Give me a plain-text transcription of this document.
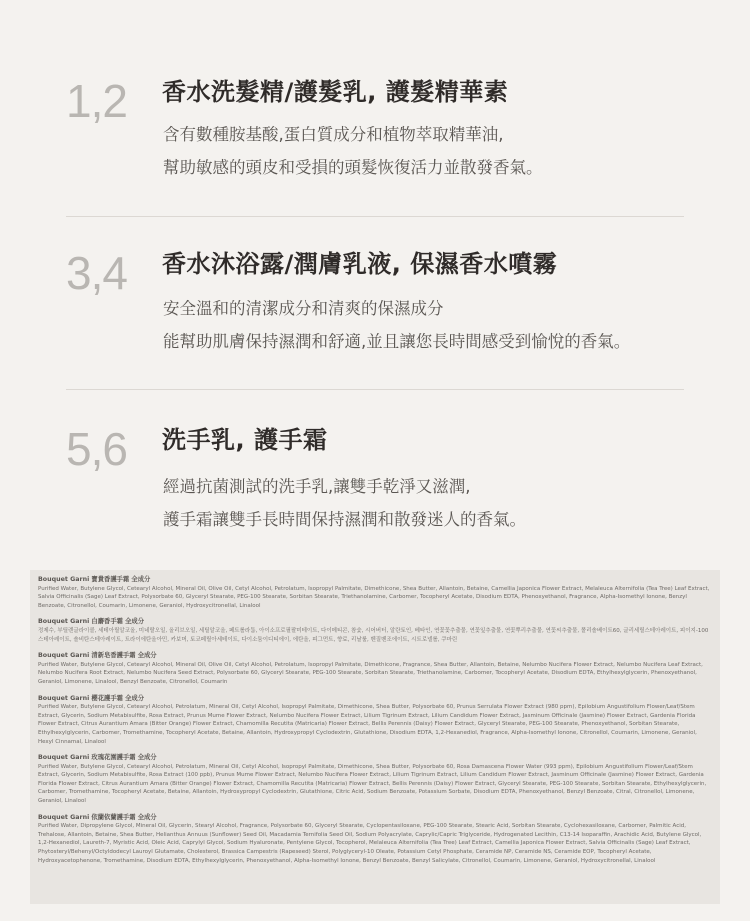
1,2 香水洗髮精/護髮乳, 護髮精華素
含有數種胺基酸,蛋白質成分和植物萃取精華油,
幫助敏感的頭皮和受損的頭髮恢復活力並散發香氣。
3,4 香水沐浴露/潤膚乳液, 保濕香水噴霧
安全溫和的清潔成分和清爽的保濕成分
能幫助肌膚保持濕潤和舒適,並且讓您長時間感受到愉悅的香氣。
5,6 洗手乳, 護手霜
經過抗菌測試的洗手乳,讓雙手乾淨又滋潤,
護手霜讓雙手長時間保持濕潤和散發迷人的香氣。
Bouquet Garni 寶貴香護手霜 全成分
Purified Water, Butylene Glycol, Cetearyl Alcohol, Mineral Oil, Olive Oil, Cetyl Alcohol, Petrolatum, Isopropyl Palmitate, Dimethicone, Shea Butter, Allantoin, Betaine, Camellia Japonica Flower Extract, Melaleuca Alternifolia (Tea Tree) Leaf Extract, Salvia Officinalis (Sage) Leaf Extract, Polysorbate 60, Glyceryl Stearate, PEG-100 Stearate, Sorbitan Stearate, Triethanolamine, Carbomer, Tocopheryl Acetate, Disodium EDTA, Phenoxyethanol, Fragrance, Alpha-Isomethyl Ionone, Benzyl Benzoate, Citronellol, Coumarin, Limonene, Geraniol, Hydroxycitronellal, Linalool
Bouquet Garni 白麝香手霜 全成分
정제수, 부틸렌글라이콜, 세테아릴알코올, 미네랄오일, 올리브오일, 세틸알코올, 페트롤라툼, 아이소프로필팔미테이트, 다이메티콘, 참숯, 시어버터, 알란토인, 베타인, 연꽃꽃추출물, 연꽃잎추출물, 연꽃뿌리추출물, 연꽃씨추출물, 폴리솔베이트60, 글리세릴스테아레이트, 피이지-100스테아레이트, 솔비탄스테아레이트, 트라이에탄올아민, 카보머, 토코페릴아세테이트, 다이소듐이디티에이, 에탄올, 피그먼트, 향료, 리날룰, 벤질벤조에이트, 시트로넬롤, 쿠마린
Bouquet Garni 清新皂香護手霜 全成分
Purified Water, Butylene Glycol, Cetearyl Alcohol, Mineral Oil, Olive Oil, Cetyl Alcohol, Petrolatum, Isopropyl Palmitate, Dimethicone, Fragrance, Shea Butter, Allantoin, Betaine, Nelumbo Nucifera Flower Extract, Nelumbo Nucifera Leaf Extract, Nelumbo Nucifera Root Extract, Nelumbo Nucifera Seed Extract, Polysorbate 60, Glyceryl Stearate, PEG-100 Stearate, Sorbitan Stearate, Triethanolamine, Carbomer, Tocopheryl Acetate, Disodium EDTA, Ethylhexylglycerin, Phenoxyethanol, Geraniol, Limonene, Linalool, Benzyl Benzoate, Citronellol, Coumarin
Bouquet Garni 櫻花護手霜 全成分
Purified Water, Butylene Glycol, Cetearyl Alcohol, Petrolatum, Mineral Oil, Cetyl Alcohol, Isopropyl Palmitate, Dimethicone, Shea Butter, Polysorbate 60, Prunus Serrulata Flower Extract (980 ppm), Epilobium Angustifolium Flower/Leaf/Stem Extract, Glycerin, Sodium Metabisulfite, Rosa Extract, Prunus Mume Flower Extract, Nelumbo Nucifera Flower Extract, Lilium Tigrinum Extract, Lilium Candidum Flower Extract, Jasminum Officinale (Jasmine) Flower Extract, Gardenia Florida Flower Extract, Citrus Aurantium Amara (Bitter Orange) Flower Extract, Chamomilla Recutita (Matricaria) Flower Extract, Bellis Perennis (Daisy) Flower Extract, Glyceryl Stearate, PEG-100 Stearate, Phenoxyethanol, Sorbitan Stearate, Ethylhexylglycerin, Carbomer, Tromethamine, Tocopheryl Acetate, Betaine, Allantoin, Hydroxypropyl Cyclodextrin, Glutathione, Disodium EDTA, 1,2-Hexanediol, Fragrance, Alpha-Isomethyl Ionone, Citronellol, Coumarin, Limonene, Geraniol, Hexyl Cinnamal, Linalool
Bouquet Garni 玫瑰花園護手霜 全成分
Purified Water, Butylene Glycol, Cetearyl Alcohol, Petrolatum, Mineral Oil, Cetyl Alcohol, Isopropyl Palmitate, Dimethicone, Shea Butter, Polysorbate 60, Rosa Damascena Flower Water (993 ppm), Epilobium Angustifolium Flower/Leaf/Stem Extract, Glycerin, Sodium Metabisulfite, Rosa Extract (100 ppb), Prunus Mume Flower Extract, Nelumbo Nucifera Flower Extract, Lilium Tigrinum Extract, Lilium Candidum Flower Extract, Jasminum Officinale (Jasmine) Flower Extract, Gardenia Florida Flower Extract, Citrus Aurantium Amara (Bitter Orange) Flower Extract, Chamomilla Recutita (Matricaria) Flower Extract, Bellis Perennis (Daisy) Flower Extract, Glyceryl Stearate, PEG-100 Stearate, Sorbitan Stearate, Ethylhexylglycerin, Carbomer, Tromethamine, Tocopheryl Acetate, Betaine, Allantoin, Hydroxypropyl Cyclodextrin, Glutathione, Citric Acid, Sodium Benzoate, Potassium Sorbate, Disodium EDTA, Phenoxyethanol, Benzyl Benzoate, Citral, Citronellol, Limonene, Geraniol, Linalool
Bouquet Garni 依蘭依蘭護手霜 全成分
Purified Water, Dipropylene Glycol, Mineral Oil, Glycerin, Stearyl Alcohol, Fragrance, Polysorbate 60, Glyceryl Stearate, Cyclopentasiloxane, PEG-100 Stearate, Stearic Acid, Sorbitan Stearate, Cyclohexasiloxane, Carbomer, Palmitic Acid, Trehalose, Allantoin, Betaine, Shea Butter, Helianthus Annuus (Sunflower) Seed Oil, Macadamia Ternifolia Seed Oil, Sodium Polyacrylate, Caprylic/Capric Triglyceride, Hydrogenated Lecithin, C13-14 Isoparaffin, Arachidic Acid, Butylene Glycol, 1,2-Hexanediol, Laureth-7, Myristic Acid, Oleic Acid, Caprylyl Glycol, Sodium Hyaluronate, Pentylene Glycol, Tocopherol, Melaleuca Alternifolia (Tea Tree) Leaf Extract, Camellia Japonica Flower Extract, Salvia Officinalis (Sage) Leaf Extract, Phytosteryl/Behenyl/Octyldodecyl Lauroyl Glutamate, Cholesterol, Brassica Campestris (Rapeseed) Sterol, Polyglyceryl-10 Oleate, Potassium Cetyl Phosphate, Ceramide NP, Ceramide NS, Ceramide EOP, Tocopheryl Acetate, Hydroxyacetophenone, Tromethamine, Disodium EDTA, Ethylhexylglycerin, Phenoxyethanol, Alpha-Isomethyl Ionone, Benzyl Benzoate, Benzyl Salicylate, Citronellol, Coumarin, Limonene, Geraniol, Hydroxycitronellal, Linalool
